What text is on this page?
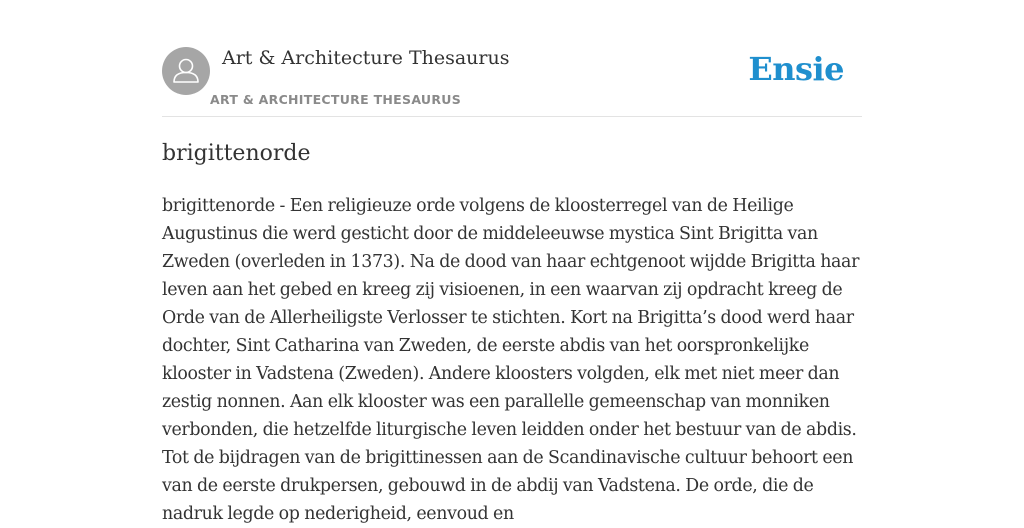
Art & Architecture Thesaurus
ART & ARCHITECTURE THESAURUS
Ensie
brigittenorde

brigittenorde - Een religieuze orde volgens de kloosterregel van de Heilige Augustinus die werd gesticht door de middeleeuwse mystica Sint Brigitta van Zweden (overleden in 1373). Na de dood van haar echtgenoot wijdde Brigitta haar leven aan het gebed en kreeg zij visioenen, in een waarvan zij opdracht kreeg de Orde van de Allerheiligste Verlosser te stichten. Kort na Brigitta’s dood werd haar dochter, Sint Catharina van Zweden, de eerste abdis van het oorspronkelijke klooster in Vadstena (Zweden). Andere kloosters volgden, elk met niet meer dan zestig nonnen. Aan elk klooster was een parallelle gemeenschap van monniken verbonden, die hetzelfde liturgische leven leidden onder het bestuur van de abdis. Tot de bijdragen van de brigittinessen aan de Scandinavische cultuur behoort een van de eerste drukpersen, gebouwd in de abdij van Vadstena. De orde, die de nadruk legde op nederigheid, eenvoud en
